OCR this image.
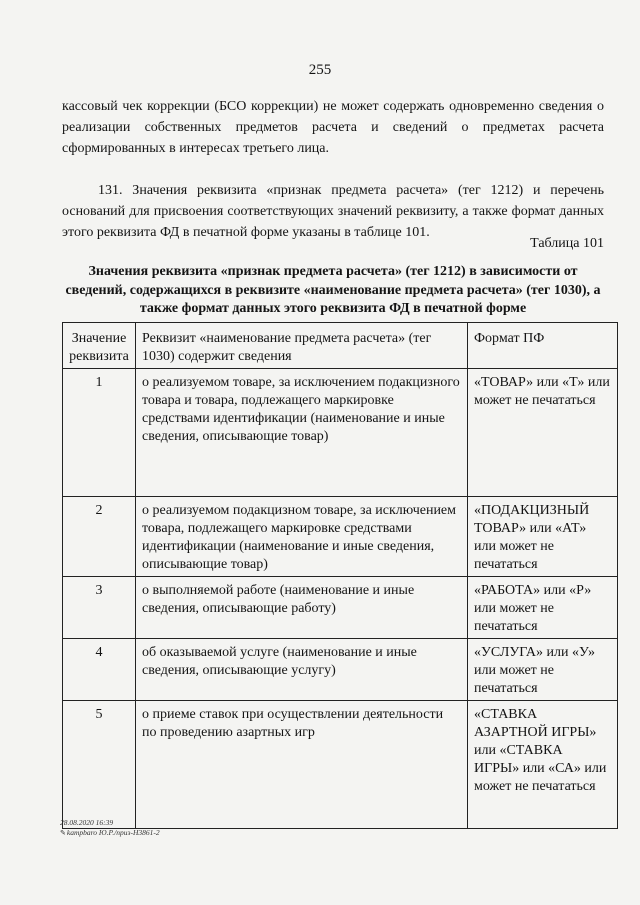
255

кассовый чек коррекции (БСО коррекции) не может содержать одновременно сведения о реализации собственных предметов расчета и сведений о предметах расчета сформированных в интересах третьего лица.

131. Значения реквизита «признак предмета расчета» (тег 1212) и перечень оснований для присвоения соответствующих значений реквизиту, а также формат данных этого реквизита ФД в печатной форме указаны в таблице 101.

Таблица 101
Значения реквизита «признак предмета расчета» (тег 1212) в зависимости от сведений, содержащихся в реквизите «наименование предмета расчета» (тег 1030), а также формат данных этого реквизита ФД в печатной форме
Значение реквизита	Реквизит «наименование предмета расчета» (тег 1030) содержит сведения	Формат ПФ
1	о реализуемом товаре, за исключением подакцизного товара и товара, подлежащего маркировке средствами идентификации (наименование и иные сведения, описывающие товар)	«ТОВАР» или «Т» или может не печататься
2	о реализуемом подакцизном товаре, за исключением товара, подлежащего маркировке средствами идентификации (наименование и иные сведения, описывающие товар)	«ПОДАКЦИЗНЫЙ ТОВАР» или «АТ» или может не печататься
3	о выполняемой работе (наименование и иные сведения, описывающие работу)	«РАБОТА» или «Р» или может не печататься
4	об оказываемой услуге (наименование и иные сведения, описывающие услугу)	«УСЛУГА» или «У» или может не печататься
5	о приеме ставок при осуществлении деятельности по проведению азартных игр	«СТАВКА АЗАРТНОЙ ИГРЫ» или «СТАВКА ИГРЫ» или «СА» или может не печататься
28.08.2020 16:39
✎kampbaro Ю.Р./приз-Н3861-2
